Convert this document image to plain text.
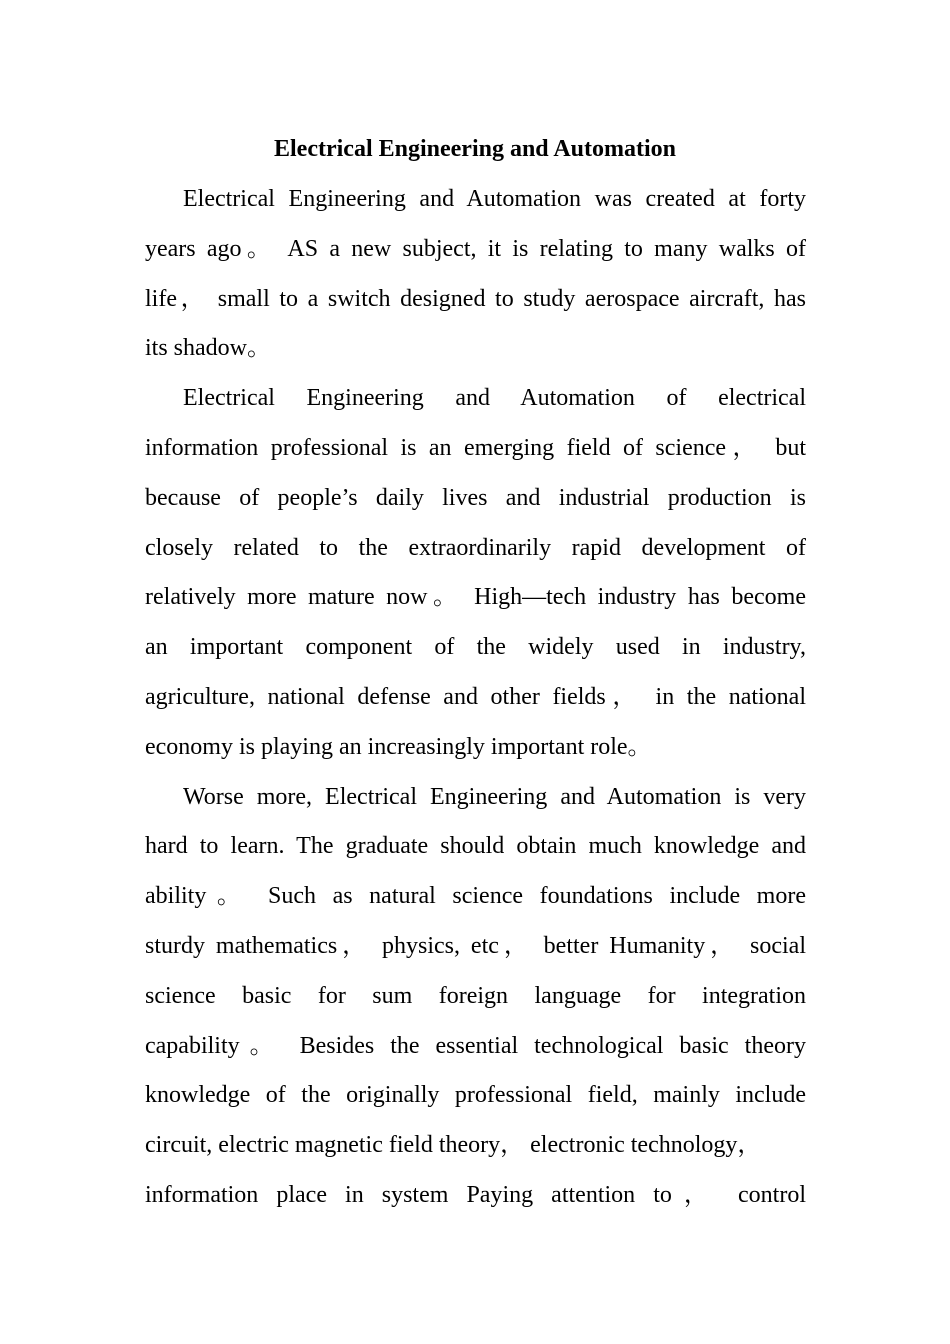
Electrical Engineering and Automation
Electrical Engineering and Automation was created at forty
years ago。 AS a new subject, it is relating to many walks of
life， small to a switch designed to study aerospace aircraft, has
its shadow。
Electrical Engineering and Automation of electrical
information professional is an emerging field of science， but
because of people’s daily lives and industrial production is
closely related to the extraordinarily rapid development of
relatively more mature now。 High—tech industry has become
an important component of the widely used in industry,
agriculture, national defense and other fields， in the national
economy is playing an increasingly important role。
Worse more, Electrical Engineering and Automation is very
hard to learn. The graduate should obtain much knowledge and
ability。 Such as natural science foundations include more
sturdy mathematics， physics, etc， better Humanity， social
science basic for sum foreign language for integration
capability。 Besides the essential technological basic theory
knowledge of the originally professional field, mainly include
circuit, electric magnetic field theory， electronic technology，
information place in system Paying attention to， control
